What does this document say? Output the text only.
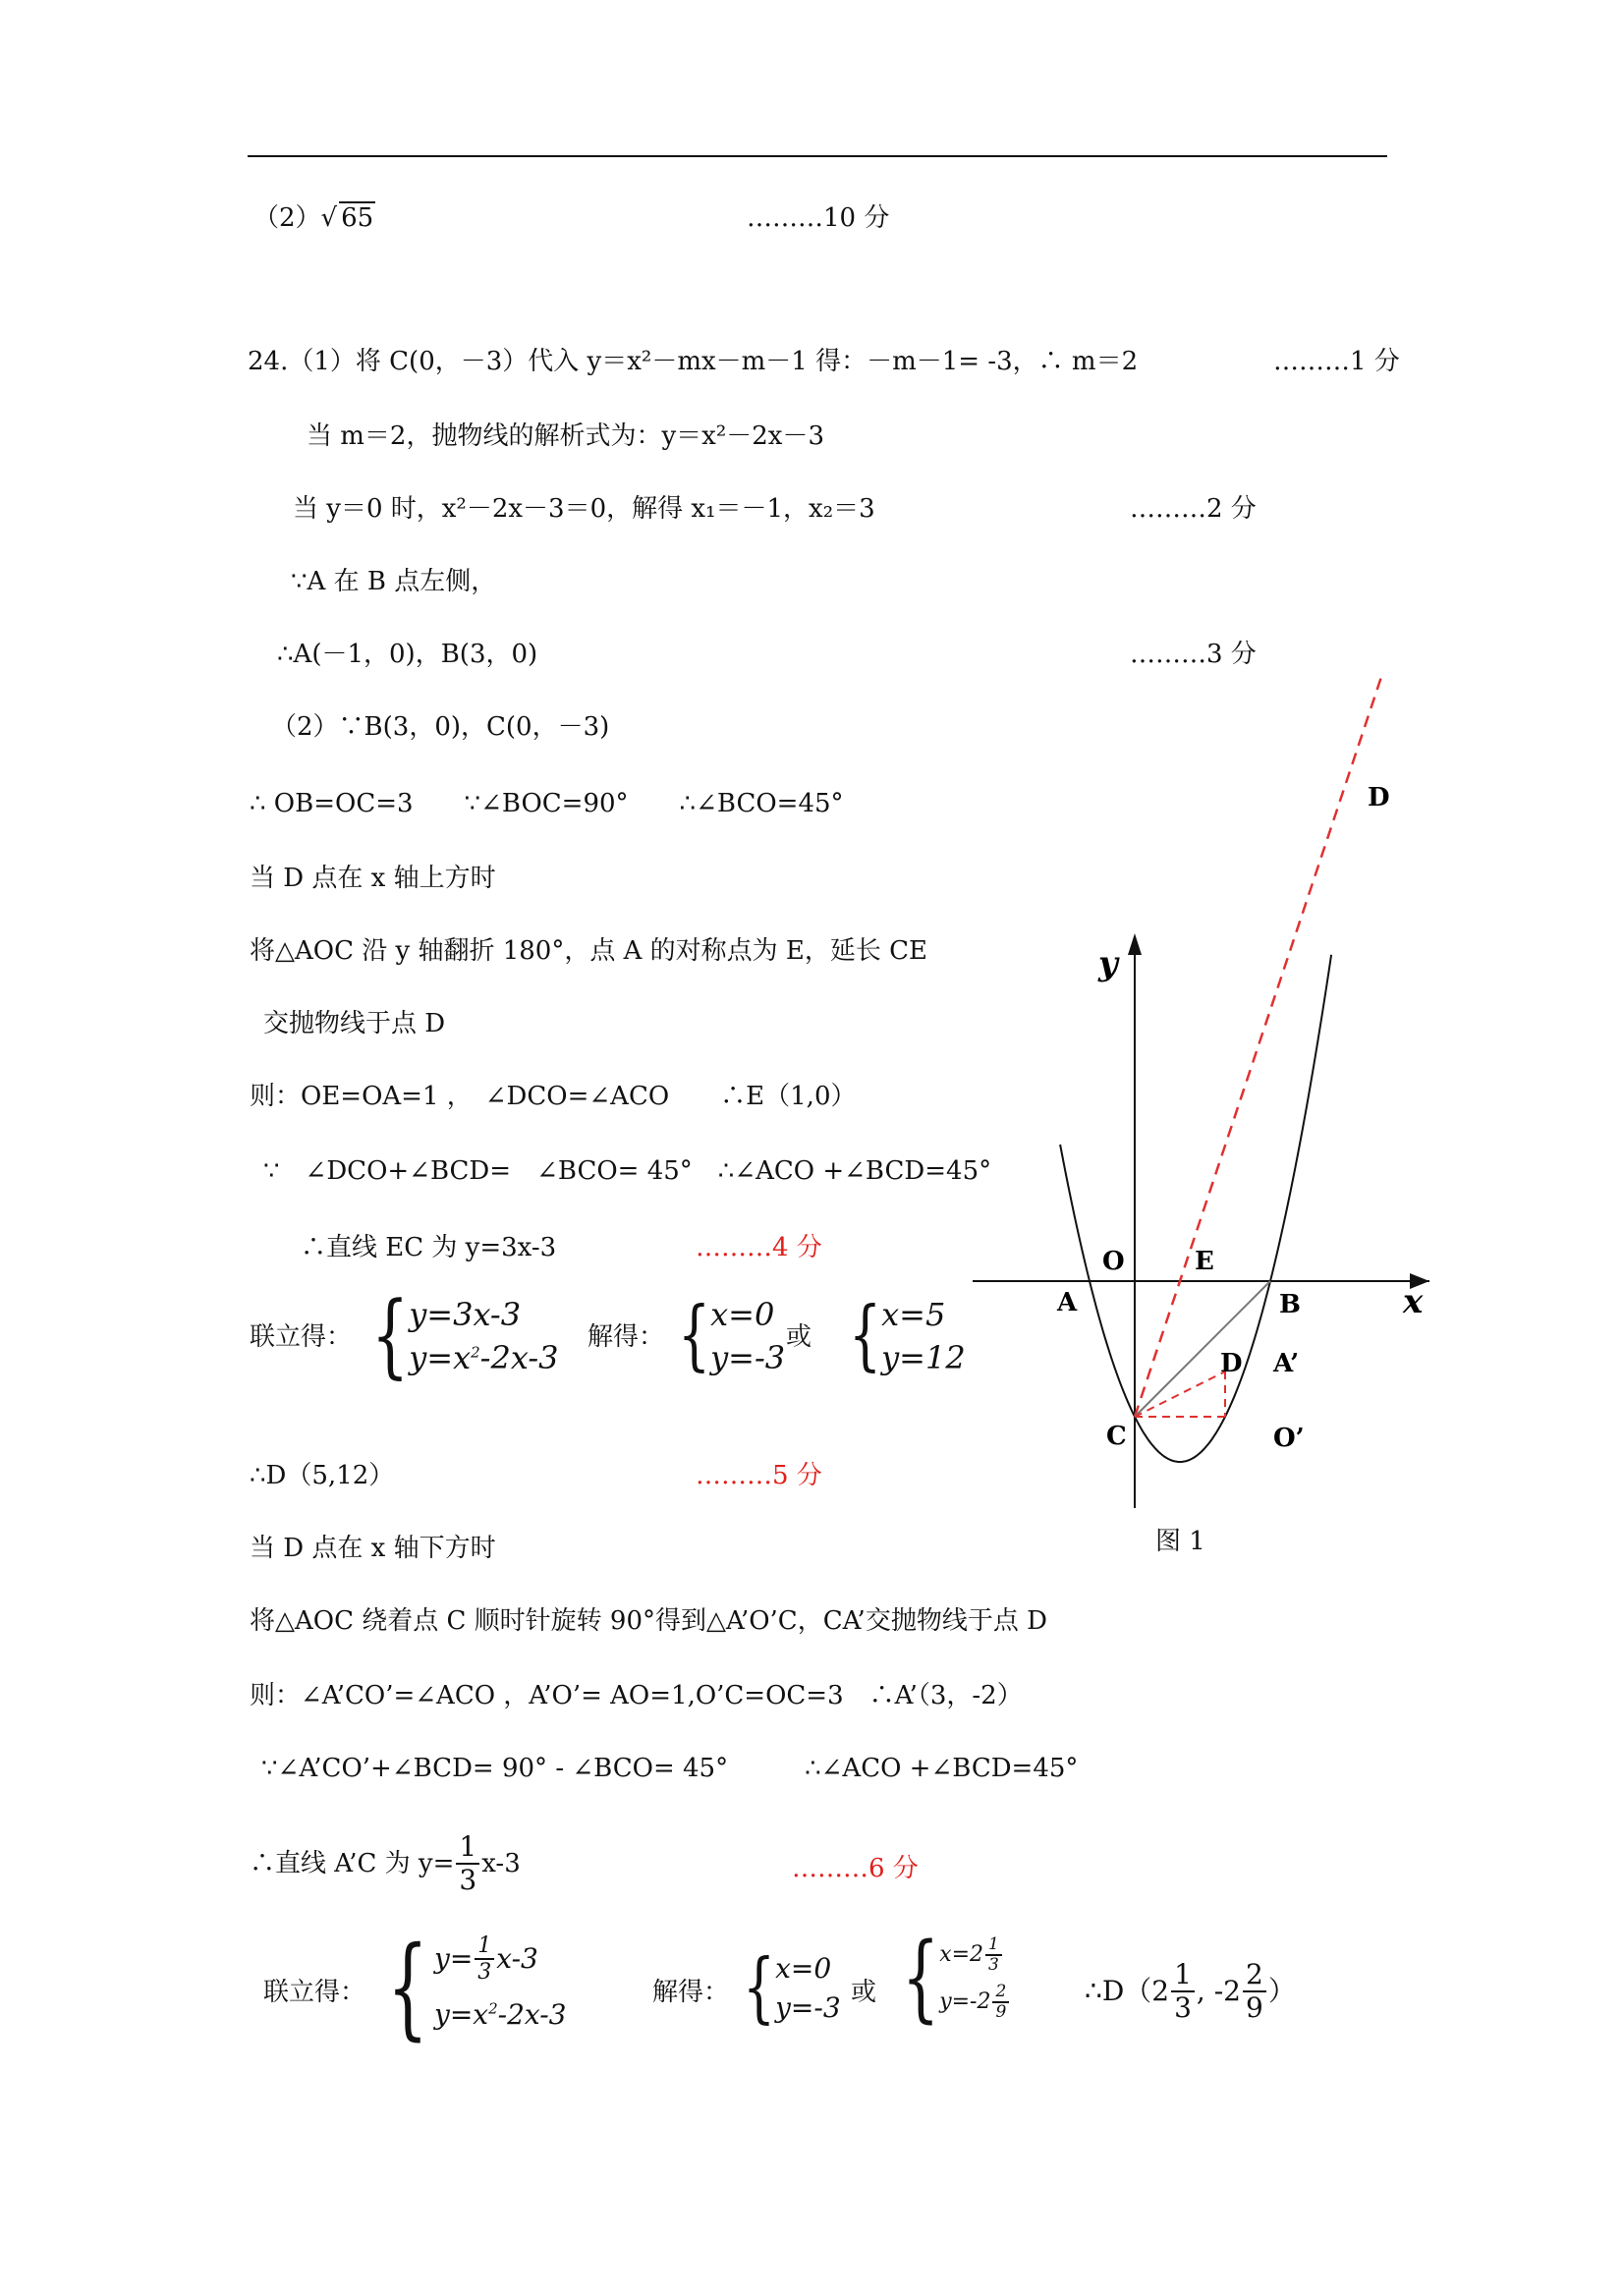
（2）√ 65	………10 分
24.（1）将 C(0，－3）代入 y＝x²－mx－m－1 得：－m－1= -3，∴ m＝2	………1 分
当 m＝2，抛物线的解析式为：y＝x²－2x－3
当 y＝0 时，x²－2x－3＝0，解得 x₁＝－1，x₂＝3	………2 分
∵A 在 B 点左侧，
∴A(－1，0)，B(3，0)	………3 分
（2）∵B(3，0)，C(0，－3)
∴ OB=OC=3　　∵∠BOC=90°　　∴∠BCO=45°
当 D 点在 x 轴上方时
将△AOC 沿 y 轴翻折 180°，点 A 的对称点为 E，延长 CE
交抛物线于点 D
则：OE=OA=1 ，　∠DCO=∠ACO　　∴E（1,0）
∵　∠DCO+∠BCD=　∠BCO= 45°　∴∠ACO +∠BCD=45°
∴直线 EC 为 y=3x-3	………4 分
联立得： { y=3x-3
$y=x^2-2x-3$
解得： { x=0
y=-3
或 { x=5
y=12
∴D（5,12）	………5 分
当 D 点在 x 轴下方时
将△AOC 绕着点 C 顺时针旋转 90°得到△A’O’C，CA’交抛物线于点 D
则：∠A’CO’=∠ACO ，A’O’= AO=1,O’C=OC=3　∴A’（3，-2）
∵∠A’CO’+∠BCD= 90° - ∠BCO= 45°　　　∴∠ACO +∠BCD=45°
∴直线 A’C 为 $y= \frac{1}{3} x-3$	………6 分
联立得： { $y= \frac{1}{3} x-3$
$y=x^2-2x-3$
解得： { x=0
y=-3 或 { $x=2 \frac{1}{3}$
$y=-2 \frac{2}{9}$	∴D（2 $\frac{1}{3}$ , $-2 \frac{2}{9}$ ）
O	E
A	B
C
D
D A’
O’
x
y
图 1
